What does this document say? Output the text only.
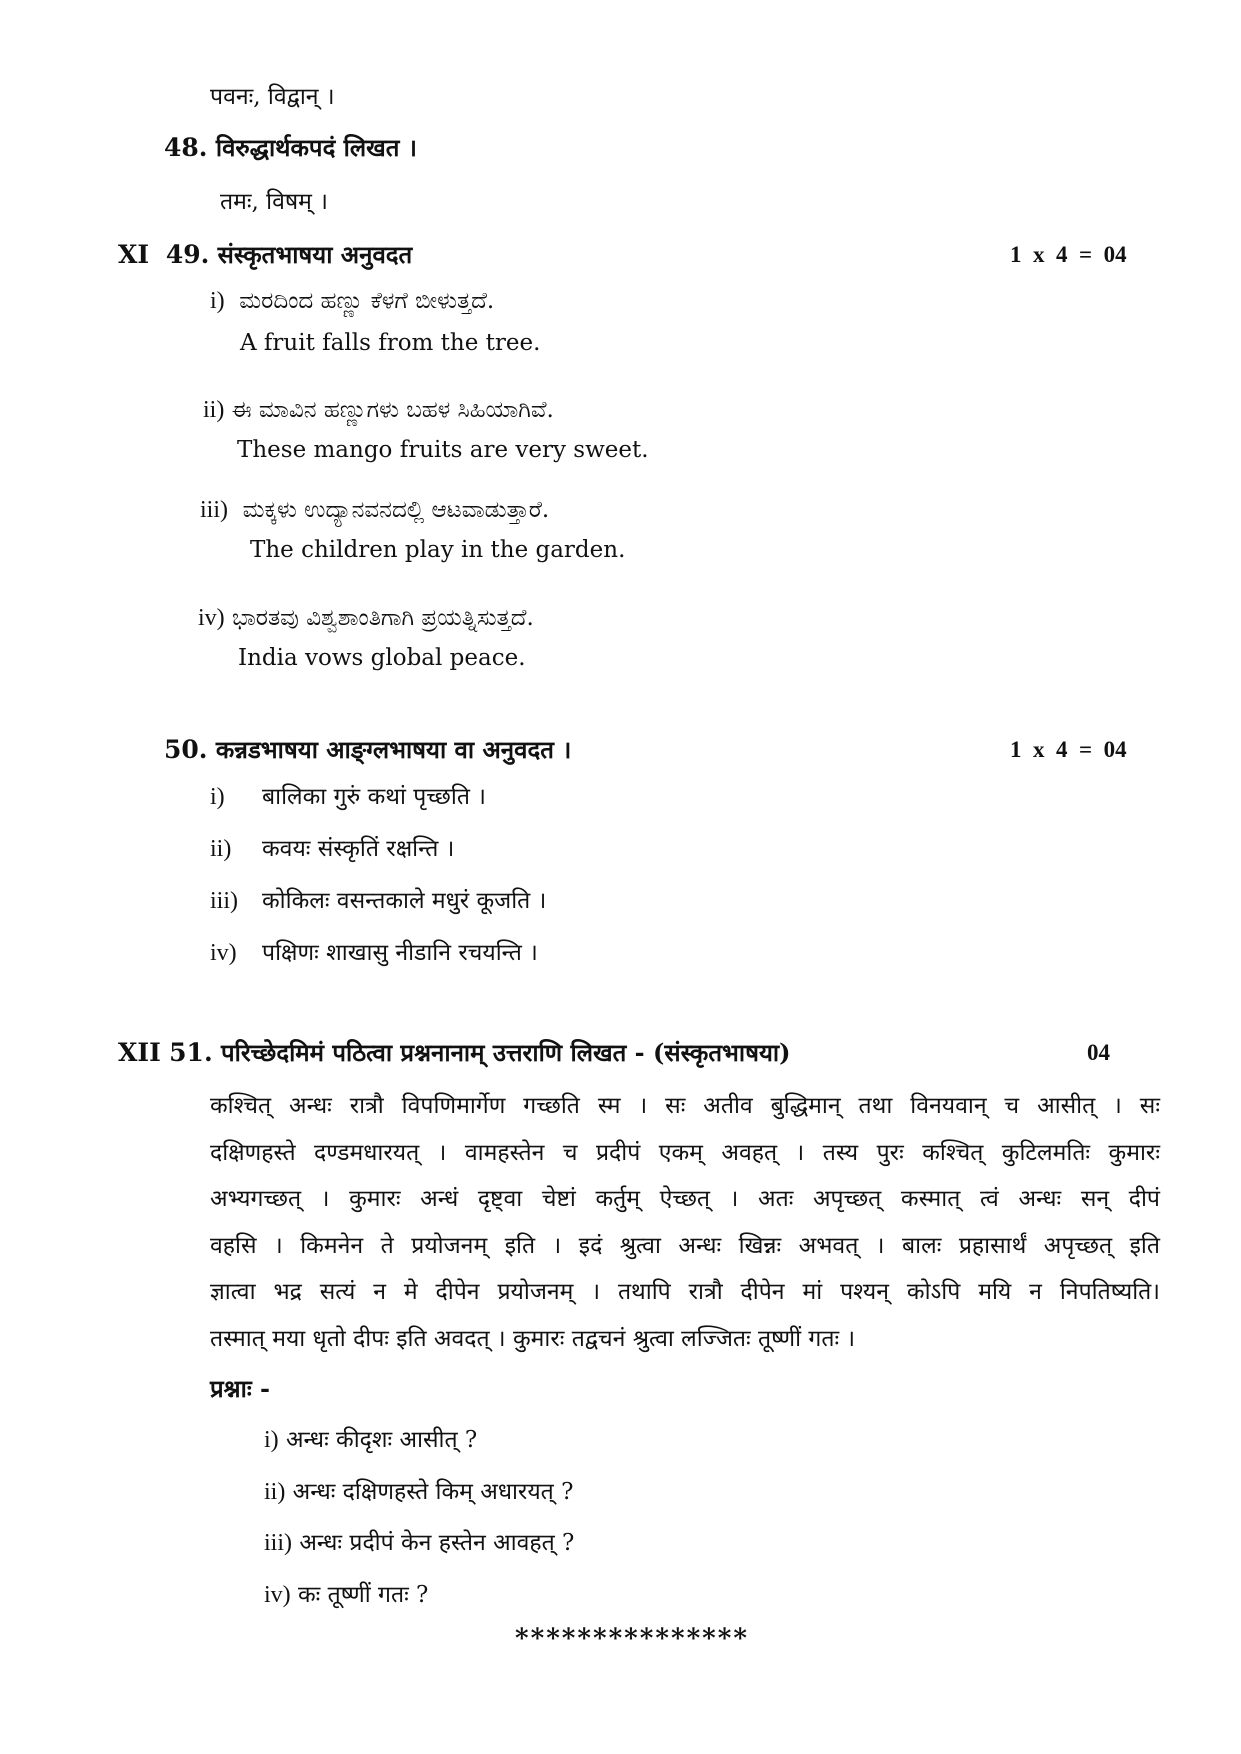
पवनः, विद्वान् ।
48. विरुद्धार्थकपदं लिखत ।
तमः, विषम् ।
XI 49. संस्कृतभाषया अनुवदत	1  x  4  =  04
i) ಮರದಿಂದ ಹಣ್ಣು ಕೆಳಗೆ ಬೀಳುತ್ತದೆ.
A fruit falls from the tree.
ii) ಈ ಮಾವಿನ ಹಣ್ಣುಗಳು ಬಹಳ ಸಿಹಿಯಾಗಿವೆ.
These mango fruits are very sweet.
iii) ಮಕ್ಕಳು ಉದ್ಯಾನವನದಲ್ಲಿ ಆಟವಾಡುತ್ತಾರೆ.
The children play in the garden.
iv) ಭಾರತವು ವಿಶ್ವಶಾಂತಿಗಾಗಿ ಪ್ರಯತ್ನಿಸುತ್ತದೆ.
India vows global peace.
50. कन्नडभाषया आङ्ग्लभाषया वा अनुवदत ।	1  x  4  =  04
i) बालिका गुरुं कथां पृच्छति ।
ii) कवयः संस्कृतिं रक्षन्ति ।
iii) कोकिलः वसन्तकाले मधुरं कूजति ।
iv) पक्षिणः शाखासु नीडानि रचयन्ति ।
XII 51. परिच्छेदमिमं पठित्वा प्रश्ननानाम् उत्तराणि लिखत - (संस्कृतभाषया)	04

कश्चित् अन्धः रात्रौ विपणिमार्गेण गच्छति स्म । सः अतीव बुद्धिमान् तथा विनयवान् च आसीत् । सः

दक्षिणहस्ते दण्डमधारयत् । वामहस्तेन च प्रदीपं एकम् अवहत् । तस्य पुरः कश्चित् कुटिलमतिः कुमारः

अभ्यगच्छत् । कुमारः अन्धं दृष्ट्वा चेष्टां कर्तुम् ऐच्छत् । अतः अपृच्छत् कस्मात् त्वं अन्धः सन् दीपं

वहसि । किमनेन ते प्रयोजनम् इति । इदं श्रुत्वा अन्धः खिन्नः अभवत् । बालः प्रहासार्थं अपृच्छत् इति

ज्ञात्वा भद्र सत्यं न मे दीपेन प्रयोजनम् । तथापि रात्रौ दीपेन मां पश्यन् कोऽपि मयि न निपतिष्यति।

तस्मात् मया धृतो दीपः इति अवदत् । कुमारः तद्वचनं श्रुत्वा लज्जितः तूष्णीं गतः ।

प्रश्नाः -
i) अन्धः कीदृशः आसीत् ?
ii) अन्धः दक्षिणहस्ते किम् अधारयत् ?
iii) अन्धः प्रदीपं केन हस्तेन आवहत् ?
iv) कः तूष्णीं गतः ?
***************
